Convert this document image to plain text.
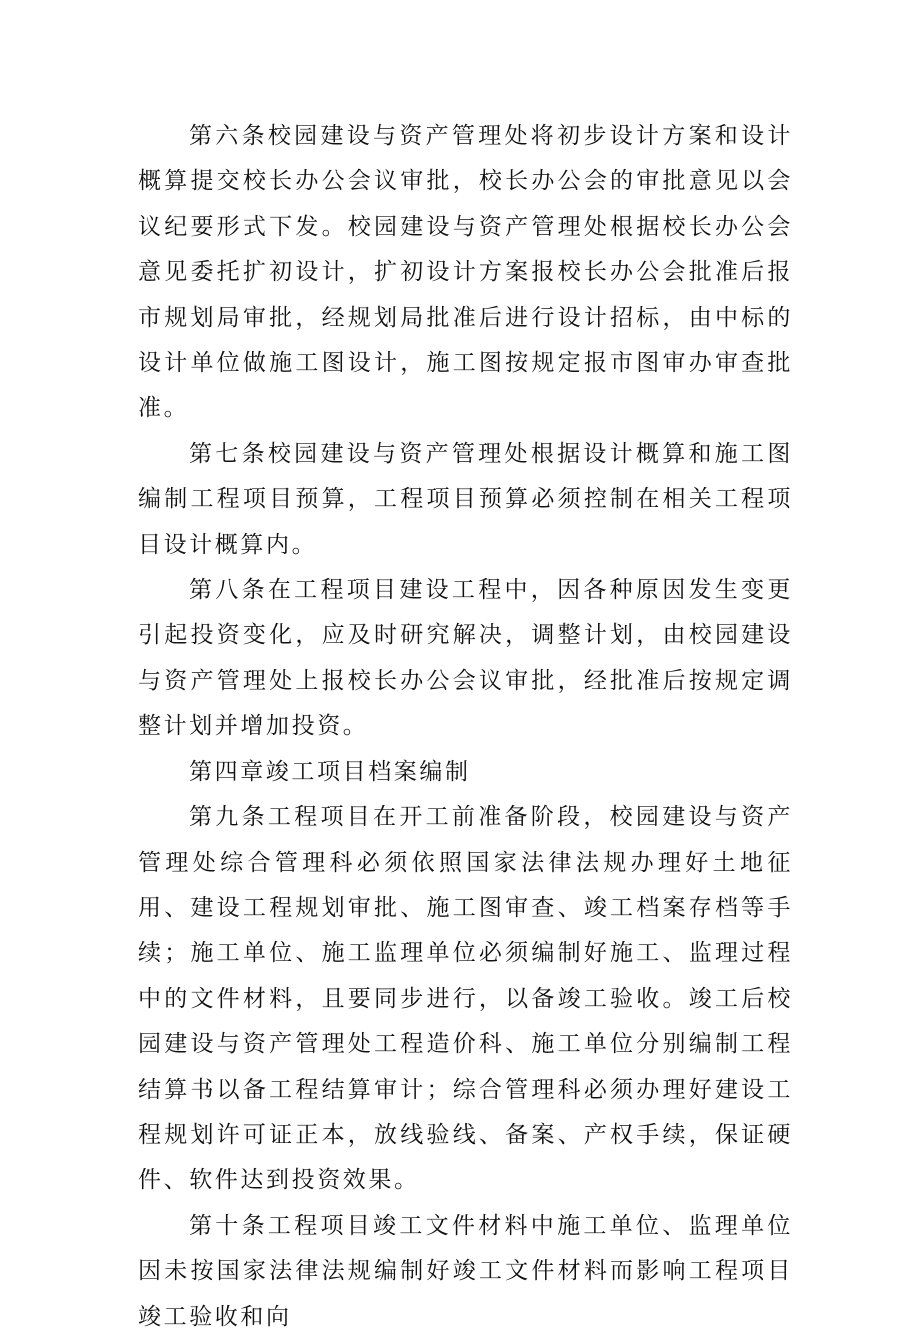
第六条校园建设与资产管理处将初步设计方案和设计概算提交校长办公会议审批，校长办公会的审批意见以会议纪要形式下发。校园建设与资产管理处根据校长办公会意见委托扩初设计，扩初设计方案报校长办公会批准后报市规划局审批，经规划局批准后进行设计招标，由中标的设计单位做施工图设计，施工图按规定报市图审办审查批准。

第七条校园建设与资产管理处根据设计概算和施工图编制工程项目预算，工程项目预算必须控制在相关工程项目设计概算内。

第八条在工程项目建设工程中，因各种原因发生变更引起投资变化，应及时研究解决，调整计划，由校园建设与资产管理处上报校长办公会议审批，经批准后按规定调整计划并增加投资。

第四章竣工项目档案编制

第九条工程项目在开工前准备阶段，校园建设与资产管理处综合管理科必须依照国家法律法规办理好土地征用、建设工程规划审批、施工图审查、竣工档案存档等手续；施工单位、施工监理单位必须编制好施工、监理过程中的文件材料，且要同步进行，以备竣工验收。竣工后校园建设与资产管理处工程造价科、施工单位分别编制工程结算书以备工程结算审计；综合管理科必须办理好建设工程规划许可证正本，放线验线、备案、产权手续，保证硬件、软件达到投资效果。

第十条工程项目竣工文件材料中施工单位、监理单位因未按国家法律法规编制好竣工文件材料而影响工程项目竣工验收和向
